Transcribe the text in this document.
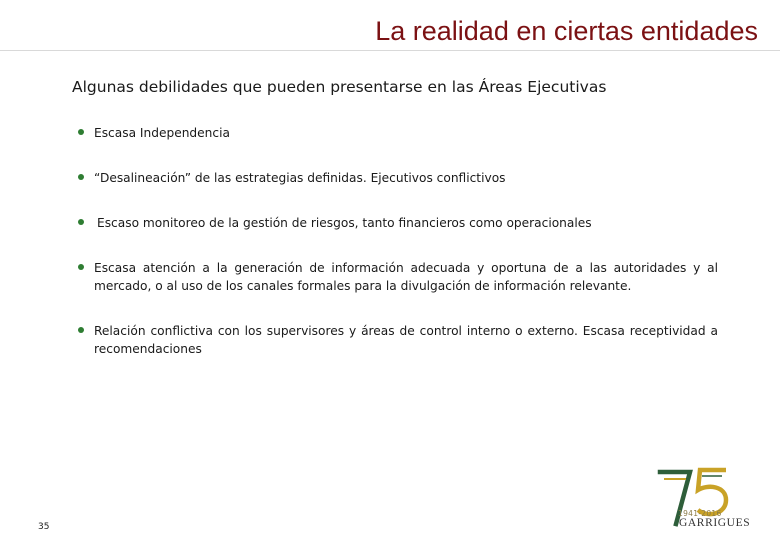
La realidad en ciertas entidades
Algunas debilidades que pueden presentarse en las Áreas Ejecutivas
Escasa Independencia
“Desalineación” de las estrategias definidas. Ejecutivos conflictivos
Escaso monitoreo de la gestión de riesgos, tanto financieros como operacionales
Escasa atención a la generación de información adecuada y oportuna de a las autoridades y al mercado, o al uso de los canales formales para la divulgación de información relevante.
Relación conflictiva con los supervisores y áreas de control interno o externo. Escasa receptividad a recomendaciones
35
1941-2016
GARRIGUES
